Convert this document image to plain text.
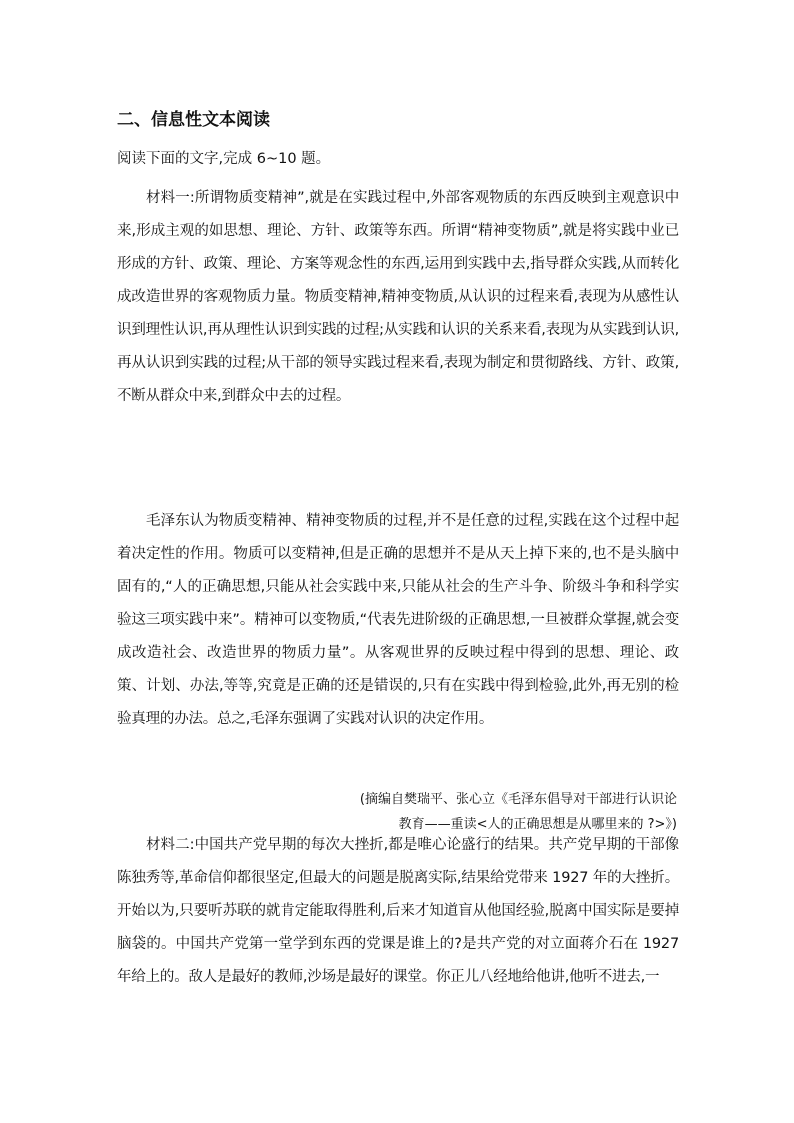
二、信息性文本阅读

阅读下面的文字,完成 6~10 题。

材料一:所谓物质变精神”,就是在实践过程中,外部客观物质的东西反映到主观意识中来,形成主观的如思想、理论、方针、政策等东西。所谓“精神变物质”,就是将实践中业已形成的方针、政策、理论、方案等观念性的东西,运用到实践中去,指导群众实践,从而转化成改造世界的客观物质力量。物质变精神,精神变物质,从认识的过程来看,表现为从感性认识到理性认识,再从理性认识到实践的过程;从实践和认识的关系来看,表现为从实践到认识,再从认识到实践的过程;从干部的领导实践过程来看,表现为制定和贯彻路线、方针、政策,不断从群众中来,到群众中去的过程。

毛泽东认为物质变精神、精神变物质的过程,并不是任意的过程,实践在这个过程中起着决定性的作用。物质可以变精神,但是正确的思想并不是从天上掉下来的,也不是头脑中固有的,“人的正确思想,只能从社会实践中来,只能从社会的生产斗争、阶级斗争和科学实验这三项实践中来”。精神可以变物质,“代表先进阶级的正确思想,一旦被群众掌握,就会变成改造社会、改造世界的物质力量”。从客观世界的反映过程中得到的思想、理论、政策、计划、办法,等等,究竟是正确的还是错误的,只有在实践中得到检验,此外,再无别的检验真理的办法。总之,毛泽东强调了实践对认识的决定作用。

(摘编自樊瑞平、张心立《毛泽东倡导对干部进行认识论

教育——重读<人的正确思想是从哪里来的 ?>》)

材料二:中国共产党早期的每次大挫折,都是唯心论盛行的结果。共产党早期的干部像陈独秀等,革命信仰都很坚定,但最大的问题是脱离实际,结果给党带来 1927 年的大挫折。开始以为,只要听苏联的就肯定能取得胜利,后来才知道盲从他国经验,脱离中国实际是要掉脑袋的。中国共产党第一堂学到东西的党课是谁上的?是共产党的对立面蒋介石在 1927 年给上的。敌人是最好的教师,沙场是最好的课堂。你正儿八经地给他讲,他听不进去,一
